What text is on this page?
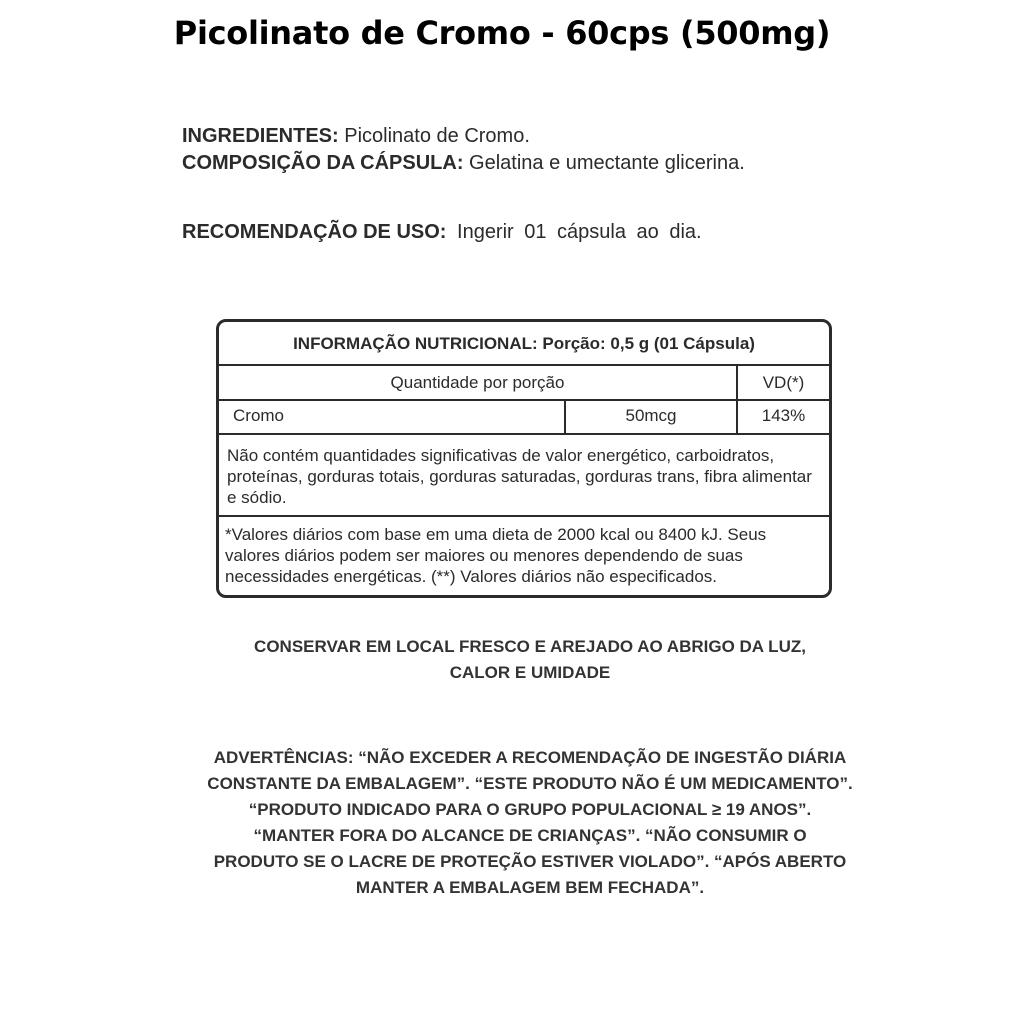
Picolinato de Cromo - 60cps (500mg)
INGREDIENTES: Picolinato de Cromo.
COMPOSIÇÃO DA CÁPSULA: Gelatina e umectante glicerina.
RECOMENDAÇÃO DE USO: Ingerir 01 cápsula ao dia.
INFORMAÇÃO NUTRICIONAL: Porção: 0,5 g (01 Cápsula)
Quantidade por porção	VD(*)
Cromo	50mcg	143%
Não contém quantidades significativas de valor energético, carboidratos, proteínas, gorduras totais, gorduras saturadas, gorduras trans, fibra alimentar e sódio.
*Valores diários com base em uma dieta de 2000 kcal ou 8400 kJ. Seus valores diários podem ser maiores ou menores dependendo de suas necessidades energéticas. (**) Valores diários não especificados.
CONSERVAR EM LOCAL FRESCO E AREJADO AO ABRIGO DA LUZ,
CALOR E UMIDADE
ADVERTÊNCIAS: “NÃO EXCEDER A RECOMENDAÇÃO DE INGESTÃO DIÁRIA
CONSTANTE DA EMBALAGEM”. “ESTE PRODUTO NÃO É UM MEDICAMENTO”.
“PRODUTO INDICADO PARA O GRUPO POPULACIONAL ≥ 19 ANOS”.
“MANTER FORA DO ALCANCE DE CRIANÇAS”. “NÃO CONSUMIR O
PRODUTO SE O LACRE DE PROTEÇÃO ESTIVER VIOLADO”. “APÓS ABERTO
MANTER A EMBALAGEM BEM FECHADA”.
